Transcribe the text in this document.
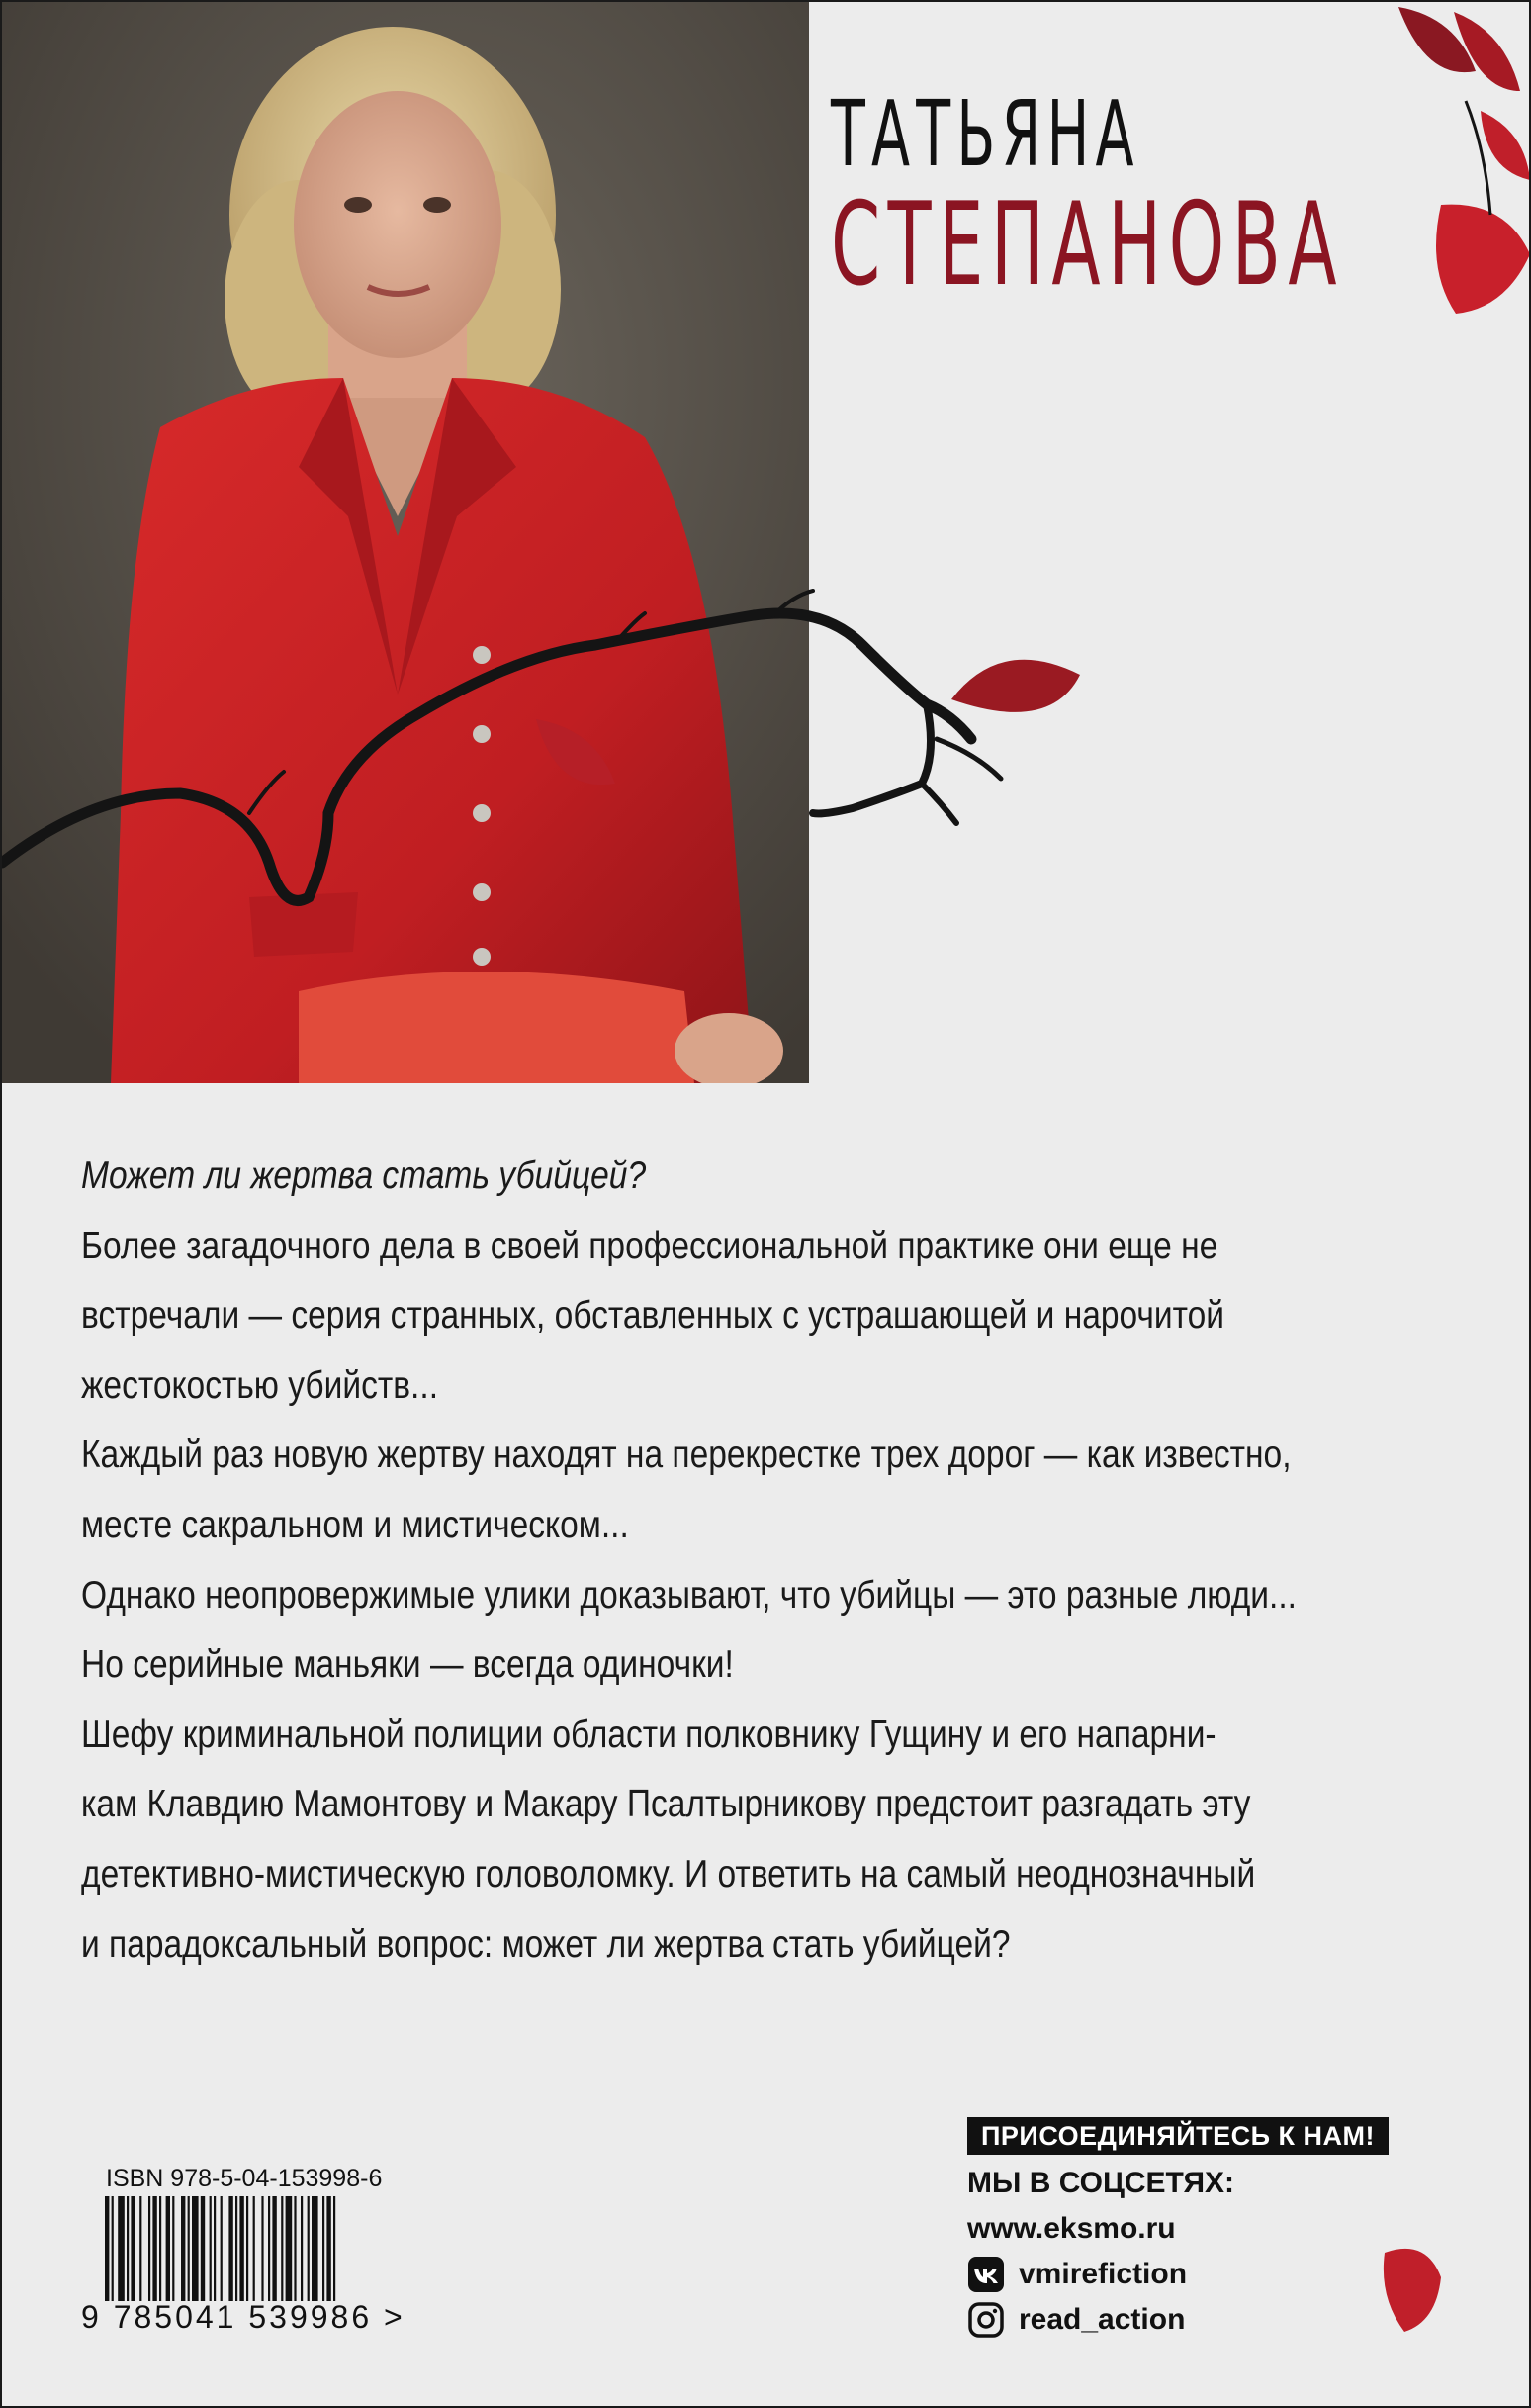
ТАТЬЯНА
СТЕПАНОВА

Может ли жертва стать убийцей?

Более загадочного дела в своей профессиональной практике они еще не

встречали — серия странных, обставленных с устрашающей и нарочитой

жестокостью убийств...

Каждый раз новую жертву находят на перекрестке трех дорог — как известно,

месте сакральном и мистическом...

Однако неопровержимые улики доказывают, что убийцы — это разные люди...

Но серийные маньяки — всегда одиночки!

Шефу криминальной полиции области полковнику Гущину и его напарни-

кам Клавдию Мамонтову и Макару Псалтырникову предстоит разгадать эту

детективно-мистическую головоломку. И ответить на самый неоднозначный

и парадоксальный вопрос: может ли жертва стать убийцей?

ISBN 978-5-04-153998-6
9 785041 539986 >
ПРИСОЕДИНЯЙТЕСЬ К НАМ!
МЫ В СОЦСЕТЯХ:
www.eksmo.ru
vmirefiction
read_action
